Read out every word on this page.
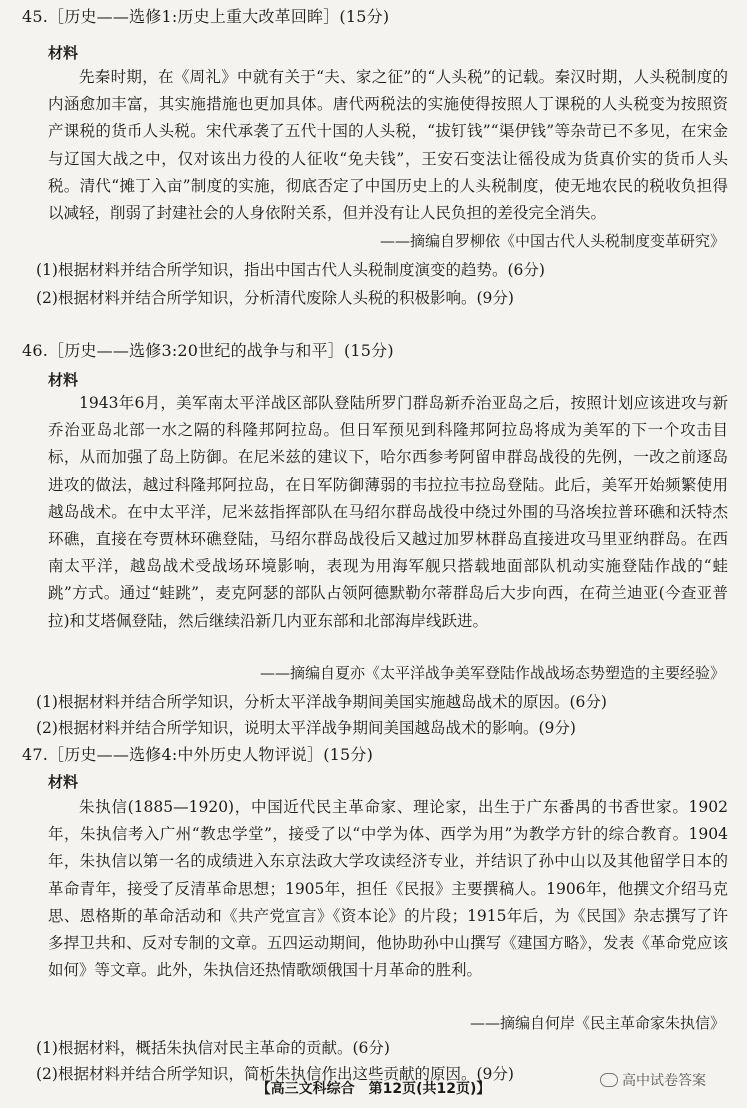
45.［历史——选修1:历史上重大改革回眸］(15分)
材料

先秦时期，在《周礼》中就有关于“夫、家之征”的“人头税”的记载。秦汉时期，人头税制度的内涵愈加丰富，其实施措施也更加具体。唐代两税法的实施使得按照人丁课税的人头税变为按照资产课税的货币人头税。宋代承袭了五代十国的人头税，“拔钉钱”“渠伊钱”等杂苛已不多见，在宋金与辽国大战之中，仅对该出力役的人征收“免夫钱”，王安石变法让徭役成为货真价实的货币人头税。清代“摊丁入亩”制度的实施，彻底否定了中国历史上的人头税制度，使无地农民的税收负担得以减轻，削弱了封建社会的人身依附关系，但并没有让人民负担的差役完全消失。

——摘编自罗柳依《中国古代人头税制度变革研究》
(1)根据材料并结合所学知识，指出中国古代人头税制度演变的趋势。(6分)
(2)根据材料并结合所学知识，分析清代废除人头税的积极影响。(9分)
46.［历史——选修3:20世纪的战争与和平］(15分)
材料

1943年6月，美军南太平洋战区部队登陆所罗门群岛新乔治亚岛之后，按照计划应该进攻与新乔治亚岛北部一水之隔的科隆邦阿拉岛。但日军预见到科隆邦阿拉岛将成为美军的下一个攻击目标，从而加强了岛上防御。在尼米兹的建议下，哈尔西参考阿留申群岛战役的先例，一改之前逐岛进攻的做法，越过科隆邦阿拉岛，在日军防御薄弱的韦拉拉韦拉岛登陆。此后，美军开始频繁使用越岛战术。在中太平洋，尼米兹指挥部队在马绍尔群岛战役中绕过外围的马洛埃拉普环礁和沃特杰环礁，直接在夸贾林环礁登陆，马绍尔群岛战役后又越过加罗林群岛直接进攻马里亚纳群岛。在西南太平洋，越岛战术受战场环境影响，表现为用海军舰只搭载地面部队机动实施登陆作战的“蛙跳”方式。通过“蛙跳”，麦克阿瑟的部队占领阿德默勒尔蒂群岛后大步向西，在荷兰迪亚(今查亚普拉)和艾塔佩登陆，然后继续沿新几内亚东部和北部海岸线跃进。

——摘编自夏亦《太平洋战争美军登陆作战战场态势塑造的主要经验》
(1)根据材料并结合所学知识，分析太平洋战争期间美国实施越岛战术的原因。(6分)
(2)根据材料并结合所学知识，说明太平洋战争期间美国越岛战术的影响。(9分)
47.［历史——选修4:中外历史人物评说］(15分)
材料

朱执信(1885—1920)，中国近代民主革命家、理论家，出生于广东番禺的书香世家。1902年，朱执信考入广州“教忠学堂”，接受了以“中学为体、西学为用”为教学方针的综合教育。1904年，朱执信以第一名的成绩进入东京法政大学攻读经济专业，并结识了孙中山以及其他留学日本的革命青年，接受了反清革命思想；1905年，担任《民报》主要撰稿人。1906年，他撰文介绍马克思、恩格斯的革命活动和《共产党宣言》《资本论》的片段；1915年后，为《民国》杂志撰写了许多捍卫共和、反对专制的文章。五四运动期间，他协助孙中山撰写《建国方略》，发表《革命党应该如何》等文章。此外，朱执信还热情歌颂俄国十月革命的胜利。

——摘编自何岸《民主革命家朱执信》
(1)根据材料，概括朱执信对民主革命的贡献。(6分)
(2)根据材料并结合所学知识，简析朱执信作出这些贡献的原因。(9分)
【高三文科综合　第12页(共12页)】	高中试卷答案
